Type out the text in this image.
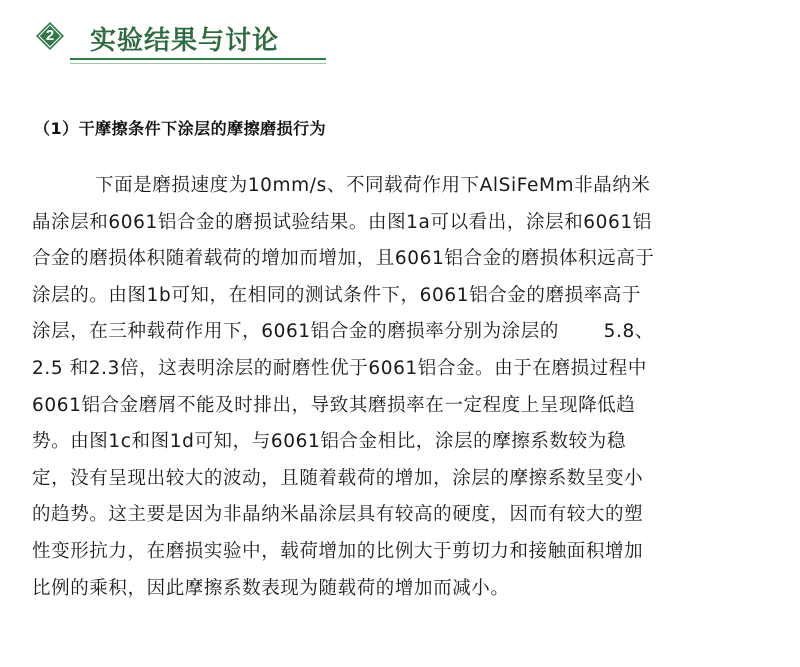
2	实验结果与讨论
（1）干摩擦条件下涂层的摩擦磨损行为
下面是磨损速度为10mm/s、不同载荷作用下AlSiFeMm非晶纳米
晶涂层和6061铝合金的磨损试验结果。由图1a可以看出，涂层和6061铝
合金的磨损体积随着载荷的增加而增加，且6061铝合金的磨损体积远高于
涂层的。由图1b可知，在相同的测试条件下，6061铝合金的磨损率高于
涂层，在三种载荷作用下，6061铝合金的磨损率分别为涂层的　　 5.8、
2.5 和2.3倍，这表明涂层的耐磨性优于6061铝合金。由于在磨损过程中
6061铝合金磨屑不能及时排出，导致其磨损率在一定程度上呈现降低趋
势。由图1c和图1d可知，与6061铝合金相比，涂层的摩擦系数较为稳
定，没有呈现出较大的波动，且随着载荷的增加，涂层的摩擦系数呈变小
的趋势。这主要是因为非晶纳米晶涂层具有较高的硬度，因而有较大的塑
性变形抗力，在磨损实验中，载荷增加的比例大于剪切力和接触面积增加
比例的乘积，因此摩擦系数表现为随载荷的增加而减小。
